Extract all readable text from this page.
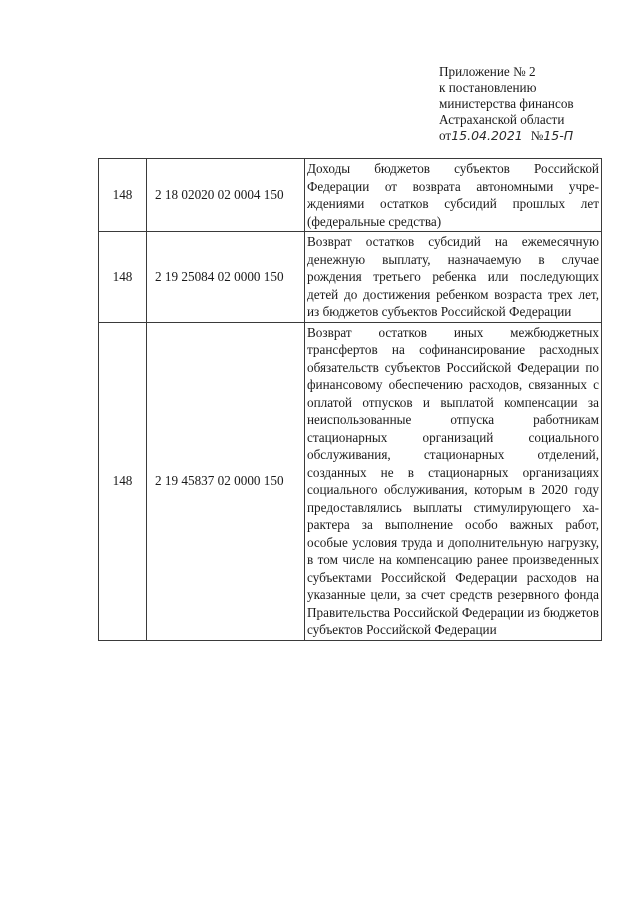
Приложение № 2
к постановлению
министерства финансов
Астраханской области
от15.04.2021 №15-П
148	2 18 02020 02 0004 150	Доходы бюджетов субъектов Российской Федерации от возврата автономными учреждениями остатков субсидий прошлых лет (федеральные средства)
148	2 19 25084 02 0000 150	Возврат остатков субсидий на ежемесячную денежную выплату, назначаемую в случае рождения третьего ребенка или последующих детей до достижения ребенком возраста трех лет, из бюджетов субъектов Российской Федерации
148	2 19 45837 02 0000 150	Возврат остатков иных межбюджетных трансфертов на софинансирование расходных обязательств субъектов Российской Федерации по финансовому обеспечению расходов, связанных с оплатой отпусков и выплатой компенсации за неиспользованные отпуска работникам стационарных организаций социального обслуживания, стационарных отделений, созданных не в стационарных организациях социального обслуживания, которым в 2020 году предоставлялись выплаты стимулирующего характера за выполнение особо важных работ, особые условия труда и дополнительную нагрузку, в том числе на компенсацию ранее произведенных субъектами Российской Федерации расходов на указанные цели, за счет средств резервного фонда Правительства Российской Федерации из бюджетов субъектов Российской Федерации
